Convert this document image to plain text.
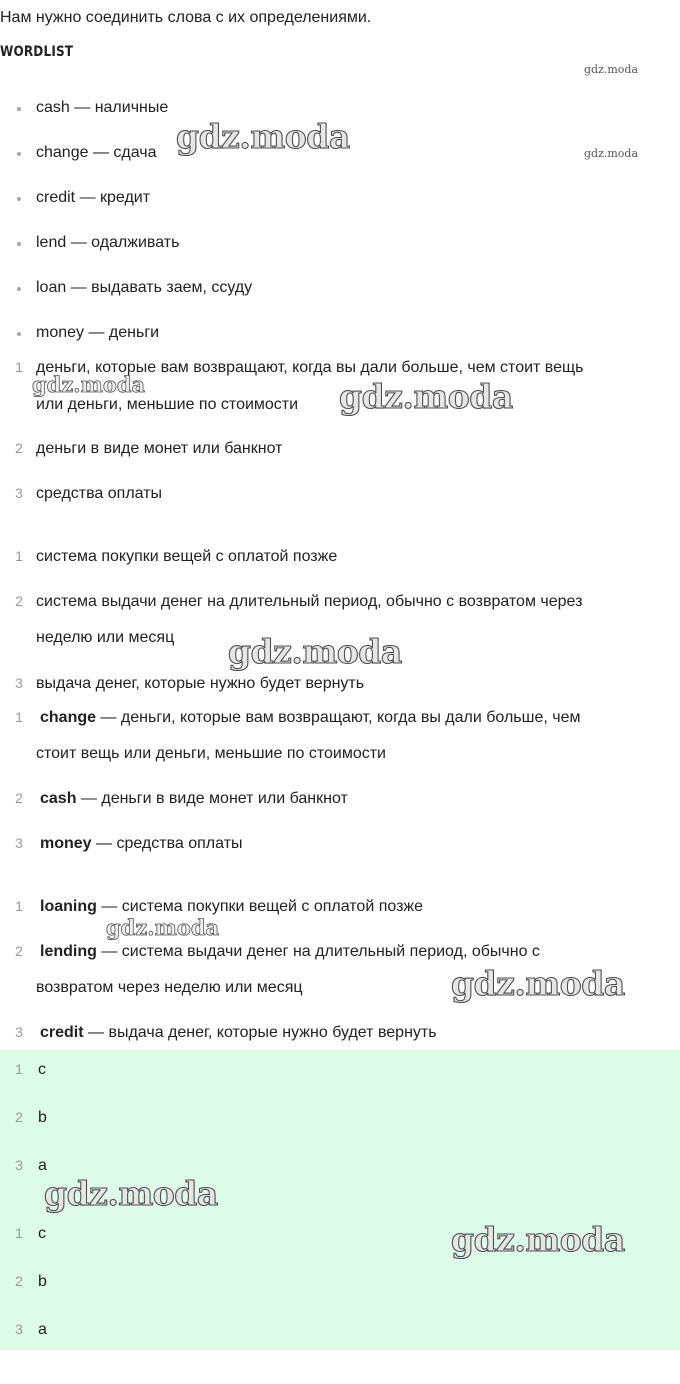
Нам нужно соединить слова с их определениями.
WORDLIST
cash — наличные
change — сдача
credit — кредит
lend — одалживать
loan — выдавать заем, ссуду
money — деньги
1 деньги, которые вам возвращают, когда вы дали больше, чем стоит вещь
или деньги, меньшие по стоимости
2 деньги в виде монет или банкнот
3 средства оплаты
1 система покупки вещей с оплатой позже
2 система выдачи денег на длительный период, обычно с возвратом через
неделю или месяц
3 выдача денег, которые нужно будет вернуть
1 change — деньги, которые вам возвращают, когда вы дали больше, чем
стоит вещь или деньги, меньшие по стоимости
2 cash — деньги в виде монет или банкнот
3 money — средства оплаты
1 loaning — система покупки вещей с оплатой позже
2 lending — система выдачи денег на длительный период, обычно с
возвратом через неделю или месяц
3 credit — выдача денег, которые нужно будет вернуть
1 c
2 b
3 a
1 c
2 b
3 a
gdz.moda
gdz.moda
gdz.moda
gdz.moda	gdz.moda
gdz.moda
gdz.moda
gdz.moda
gdz.moda
gdz.moda
